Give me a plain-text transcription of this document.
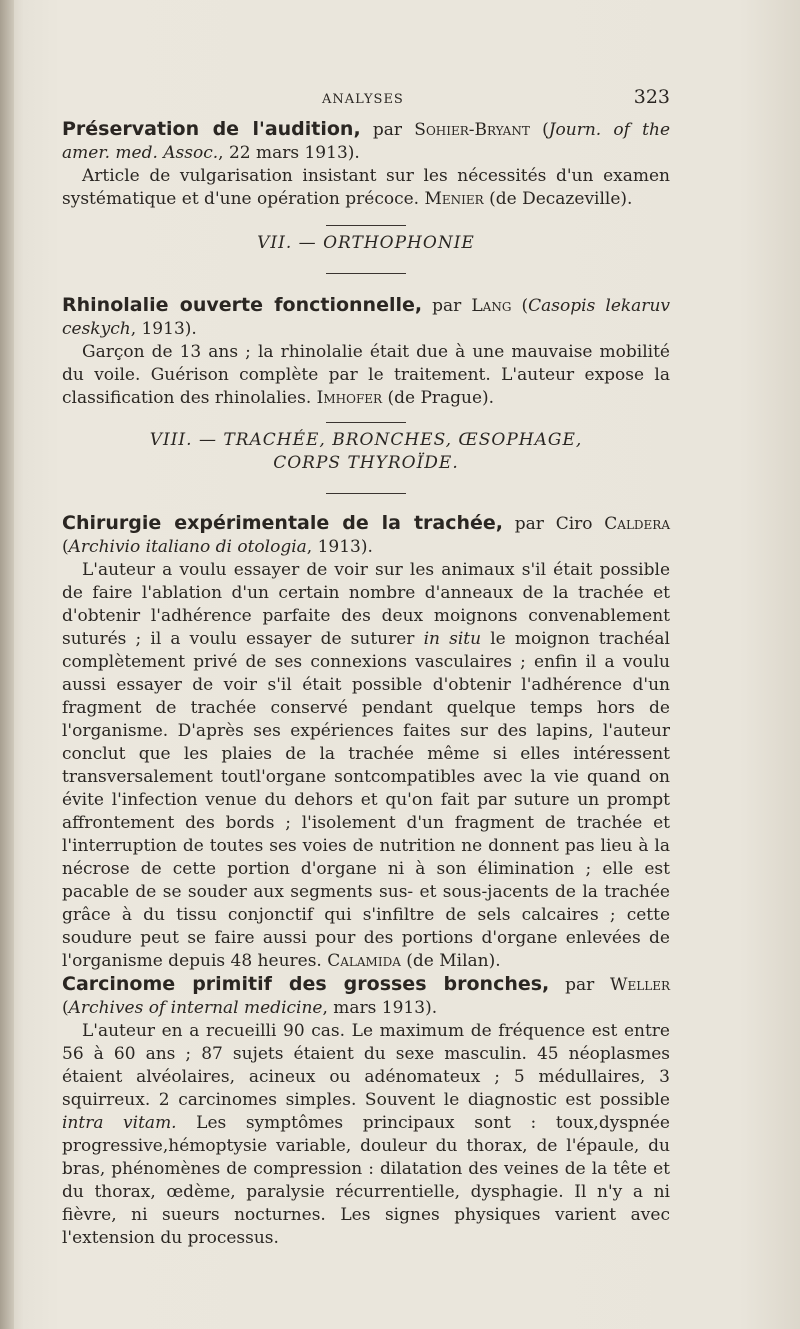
ANALYSES	323

Préservation de l'audition, par Sohier-Bryant (Journ. of the amer. med. Assoc., 22 mars 1913).

Article de vulgarisation insistant sur les nécessités d'un examen systématique et d'une opération précoce. Menier (de Decazeville).

VII. — ORTHOPHONIE

Rhinolalie ouverte fonctionnelle, par Lang (Casopis lekaruv ceskych, 1913).

Garçon de 13 ans ; la rhinolalie était due à une mauvaise mobilité du voile. Guérison complète par le traitement. L'auteur expose la classification des rhinolalies. Imhofer (de Prague).

VIII. — TRACHÉE, BRONCHES, ŒSOPHAGE,
CORPS THYROÏDE.

Chirurgie expérimentale de la trachée, par Ciro Caldera (Archivio italiano di otologia, 1913).

L'auteur a voulu essayer de voir sur les animaux s'il était possible de faire l'ablation d'un certain nombre d'anneaux de la trachée et d'obtenir l'adhérence parfaite des deux moignons convenablement suturés ; il a voulu essayer de suturer in situ le moignon trachéal complètement privé de ses connexions vasculaires ; enfin il a voulu aussi essayer de voir s'il était possible d'obtenir l'adhérence d'un fragment de trachée conservé pendant quelque temps hors de l'organisme. D'après ses expériences faites sur des lapins, l'auteur conclut que les plaies de la trachée même si elles intéressent transversalement toutl'organe sontcompatibles avec la vie quand on évite l'infection venue du dehors et qu'on fait par suture un prompt affrontement des bords ; l'isolement d'un fragment de trachée et l'interruption de toutes ses voies de nutrition ne donnent pas lieu à la nécrose de cette portion d'organe ni à son élimination ; elle est pacable de se souder aux segments sus- et sous-jacents de la trachée grâce à du tissu conjonctif qui s'infiltre de sels calcaires ; cette soudure peut se faire aussi pour des portions d'organe enlevées de l'organisme depuis 48 heures. Calamida (de Milan).

Carcinome primitif des grosses bronches, par Weller (Archives of internal medicine, mars 1913).

L'auteur en a recueilli 90 cas. Le maximum de fréquence est entre 56 à 60 ans ; 87 sujets étaient du sexe masculin. 45 néoplasmes étaient alvéolaires, acineux ou adénomateux ; 5 médullaires, 3 squirreux. 2 carcinomes simples. Souvent le diagnostic est possible intra vitam. Les symptômes principaux sont : toux,dyspnée progressive,hémoptysie variable, douleur du thorax, de l'épaule, du bras, phénomènes de compression : dilatation des veines de la tête et du thorax, œdème, paralysie récurrentielle, dysphagie. Il n'y a ni fièvre, ni sueurs nocturnes. Les signes physiques varient avec l'extension du processus.
